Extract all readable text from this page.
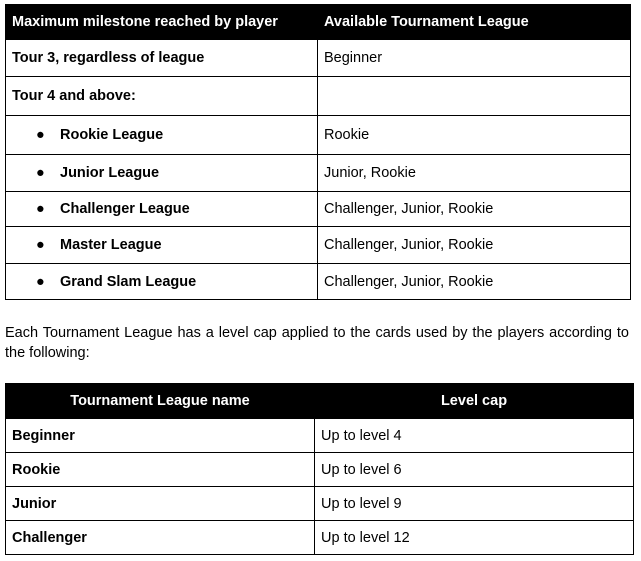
Maximum milestone reached by player	Available Tournament League
Tour 3, regardless of league	Beginner
Tour 4 and above:	
● Rookie League	Rookie
● Junior League	Junior, Rookie
● Challenger League	Challenger, Junior, Rookie
● Master League	Challenger, Junior, Rookie
● Grand Slam League	Challenger, Junior, Rookie

Each Tournament League has a level cap applied to the cards used by the players according to the following:

Tournament League name	Level cap
Beginner	Up to level 4
Rookie	Up to level 6
Junior	Up to level 9
Challenger	Up to level 12
